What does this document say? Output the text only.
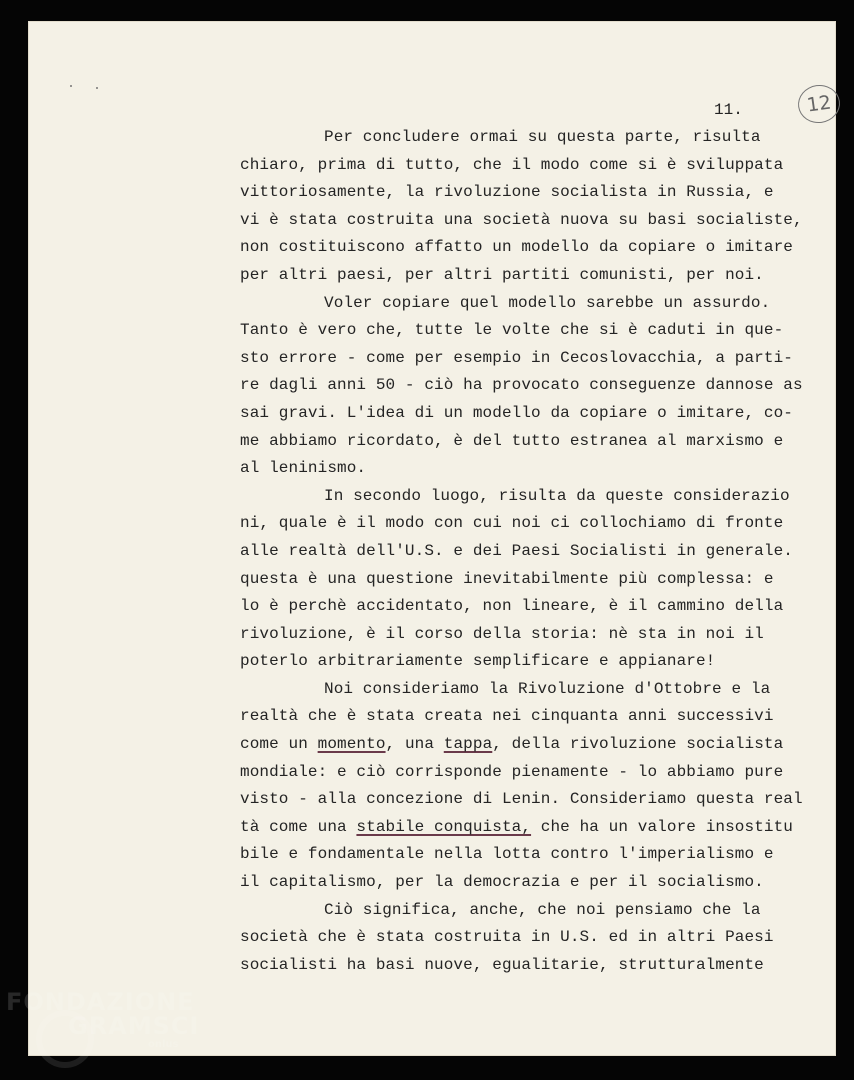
11.	12
Per concludere ormai su questa parte, risulta
chiaro, prima di tutto, che il modo come si è sviluppata
vittoriosamente, la rivoluzione socialista in Russia, e
vi è stata costruita una società nuova su basi socialiste,
non costituiscono affatto un modello da copiare o imitare
per altri paesi, per altri partiti comunisti, per noi.
Voler copiare quel modello sarebbe un assurdo.
Tanto è vero che, tutte le volte che si è caduti in que-
sto errore - come per esempio in Cecoslovacchia, a parti-
re dagli anni 50 - ciò ha provocato conseguenze dannose as
sai gravi. L'idea di un modello da copiare o imitare, co-
me abbiamo ricordato, è del tutto estranea al marxismo e
al leninismo.
In secondo luogo, risulta da queste considerazio
ni, quale è il modo con cui noi ci collochiamo di fronte
alle realtà dell'U.S. e dei Paesi Socialisti in generale.
questa è una questione inevitabilmente più complessa: e
lo è perchè accidentato, non lineare, è il cammino della
rivoluzione, è il corso della storia: nè sta in noi il
poterlo arbitrariamente semplificare e appianare!
Noi consideriamo la Rivoluzione d'Ottobre e la
realtà che è stata creata nei cinquanta anni successivi
come un momento, una tappa, della rivoluzione socialista
mondiale: e ciò corrisponde pienamente - lo abbiamo pure
visto - alla concezione di Lenin. Consideriamo questa real
tà come una stabile conquista, che ha un valore insostitu
bile e fondamentale nella lotta contro l'imperialismo e
il capitalismo, per la democrazia e per il socialismo.
Ciò significa, anche, che noi pensiamo che la
società che è stata costruita in U.S. ed in altri Paesi
socialisti ha basi nuove, egualitarie, strutturalmente
FONDAZIONE
GRAMSCI
onlus
